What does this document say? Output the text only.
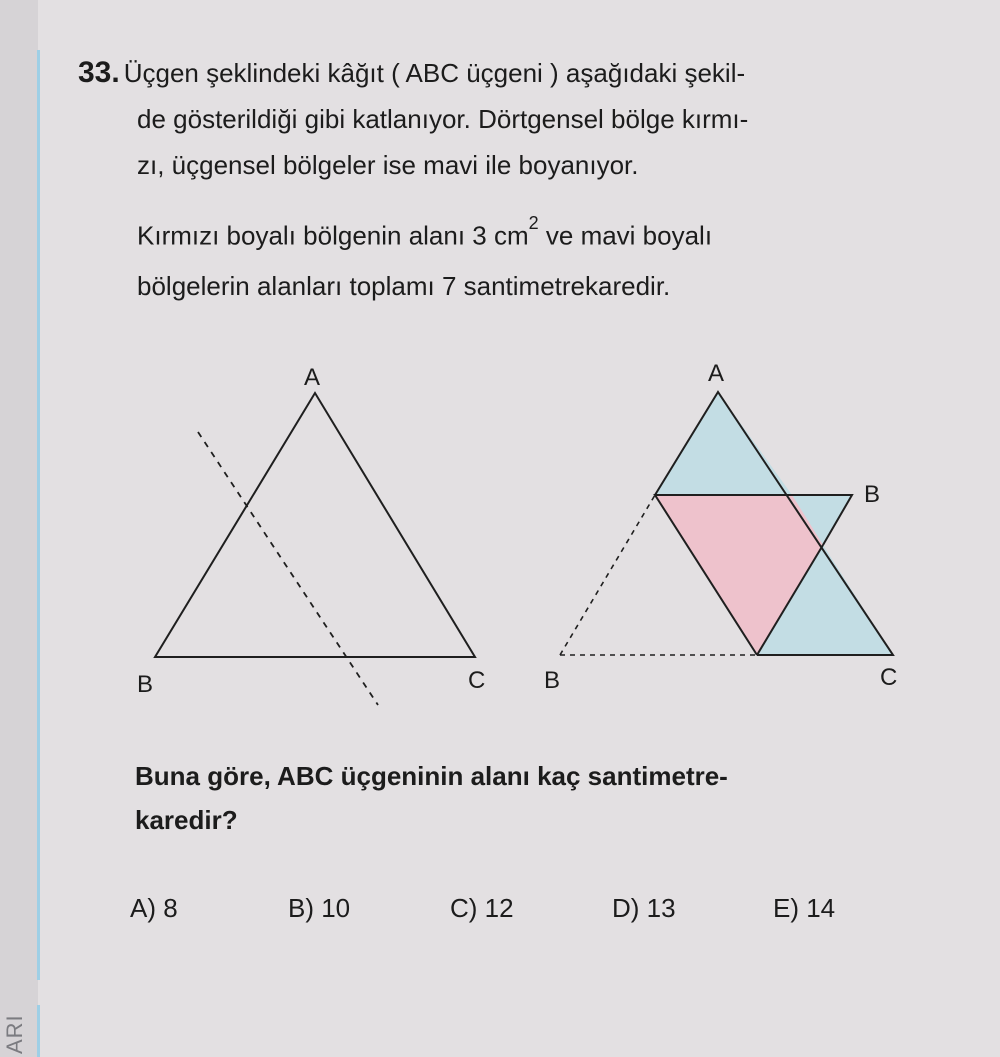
ARI
33. Üçgen şeklindeki kâğıt ( ABC üçgeni ) aşağıdaki şekil-
de gösterildiği gibi katlanıyor. Dörtgensel bölge kırmı-
zı, üçgensel bölgeler ise mavi ile boyanıyor.
Kırmızı boyalı bölgenin alanı 3 $cm^2$ ve mavi boyalı
bölgelerin alanları toplamı 7 santimetrekaredir.
A
B	C
A
B
B	C
Buna göre, ABC üçgeninin alanı kaç santimetre-
karedir?
A) 8	B) 10	C) 12	D) 13	E) 14
